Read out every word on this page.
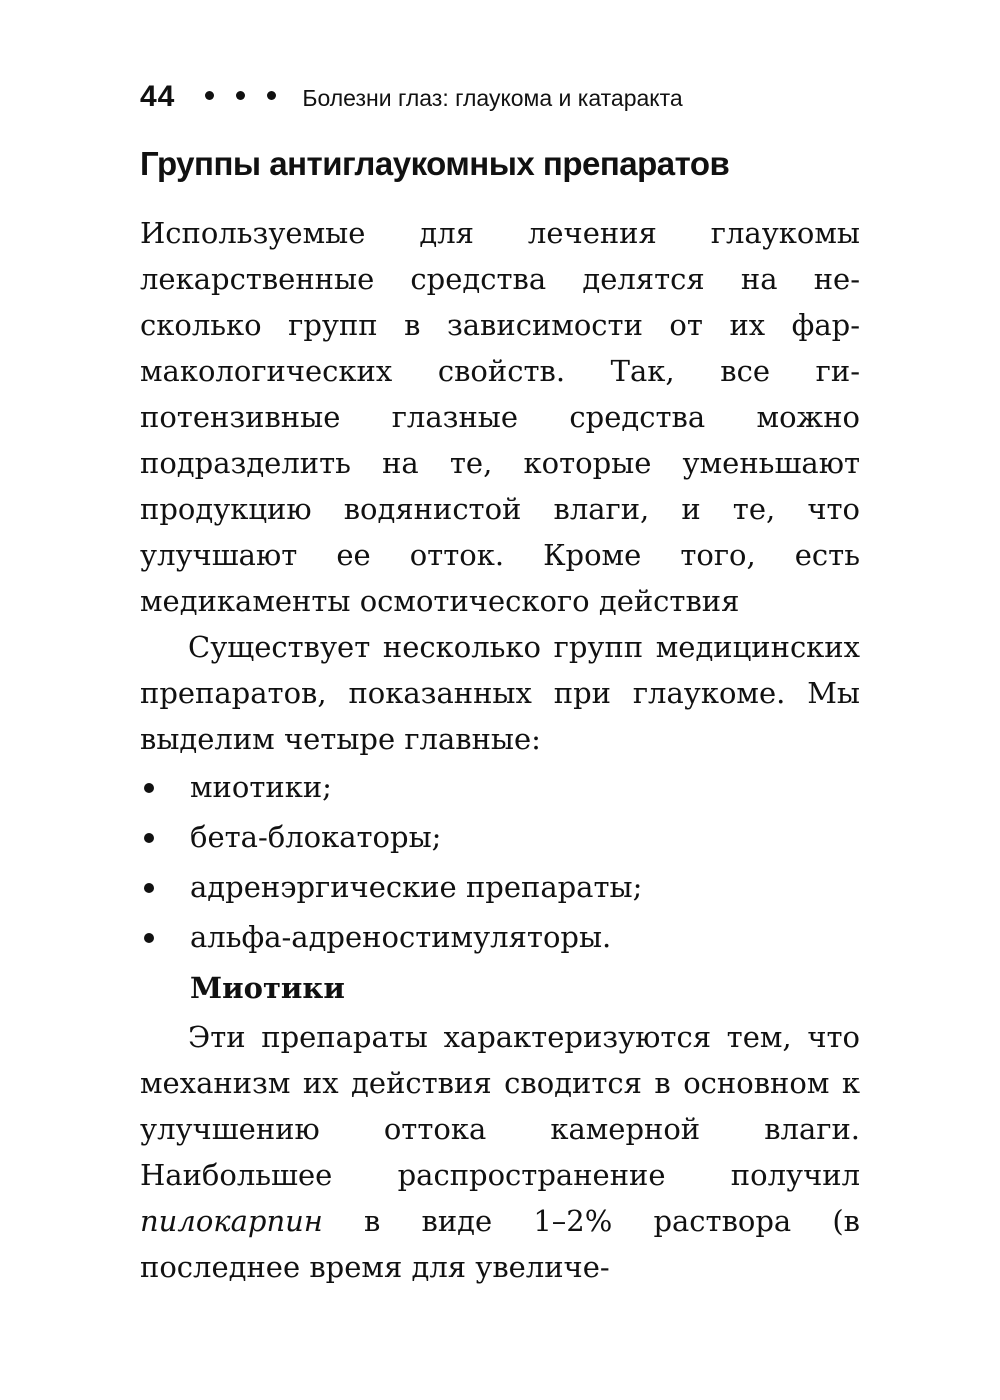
44	Болезни глаз: глаукома и катаракта
Группы антиглаукомных препаратов

Используемые для лечения глаукомы лекарственные средства делятся на несколько групп в зависимости от их фармакологических свойств. Так, все гипотензивные глазные средства можно подразделить на те, которые уменьшают продукцию водянистой влаги, и те, что улучшают ее отток. Кроме того, есть медикаменты осмотического действия

Существует несколько групп медицинских препаратов, показанных при глаукоме. Мы выделим четыре главные:

миотики;
бета-блокаторы;
адренэргические препараты;
альфа-адреностимуляторы.
Миотики

Эти препараты характеризуются тем, что механизм их действия сводится в основном к улучшению оттока камерной влаги. Наибольшее распространение получил пилокарпин в виде 1–2% раствора (в последнее время для увеличе-
